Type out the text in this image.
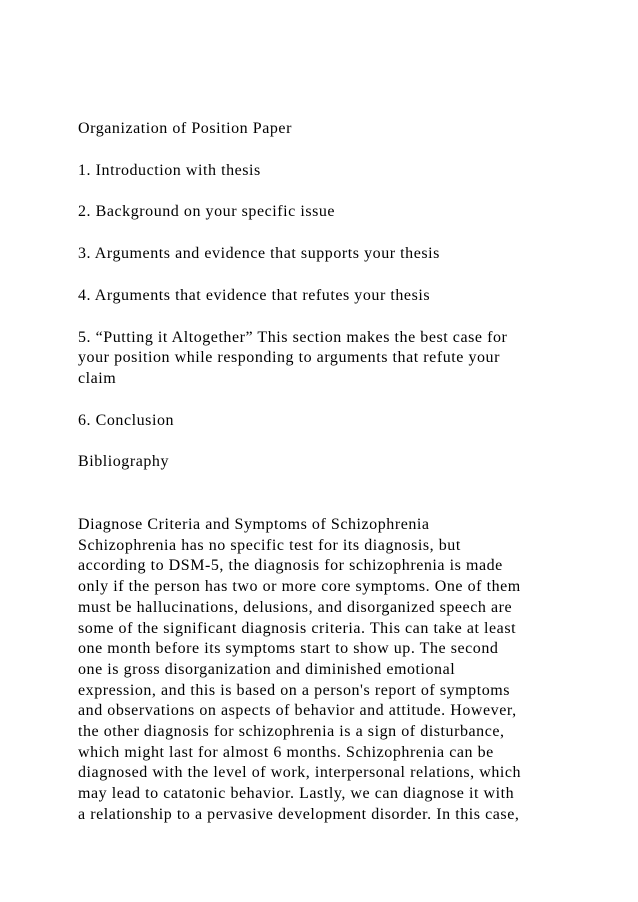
Organization of Position Paper

1. Introduction with thesis

2. Background on your specific issue

3. Arguments and evidence that supports your thesis

4. Arguments that evidence that refutes your thesis

5. “Putting it Altogether” This section makes the best case for
your position while responding to arguments that refute your
claim

6. Conclusion

Bibliography

Diagnose Criteria and Symptoms of Schizophrenia
Schizophrenia has no specific test for its diagnosis, but
according to DSM-5, the diagnosis for schizophrenia is made
only if the person has two or more core symptoms. One of them
must be hallucinations, delusions, and disorganized speech are
some of the significant diagnosis criteria. This can take at least
one month before its symptoms start to show up. The second
one is gross disorganization and diminished emotional
expression, and this is based on a person's report of symptoms
and observations on aspects of behavior and attitude. However,
the other diagnosis for schizophrenia is a sign of disturbance,
which might last for almost 6 months. Schizophrenia can be
diagnosed with the level of work, interpersonal relations, which
may lead to catatonic behavior. Lastly, we can diagnose it with
a relationship to a pervasive development disorder. In this case,
